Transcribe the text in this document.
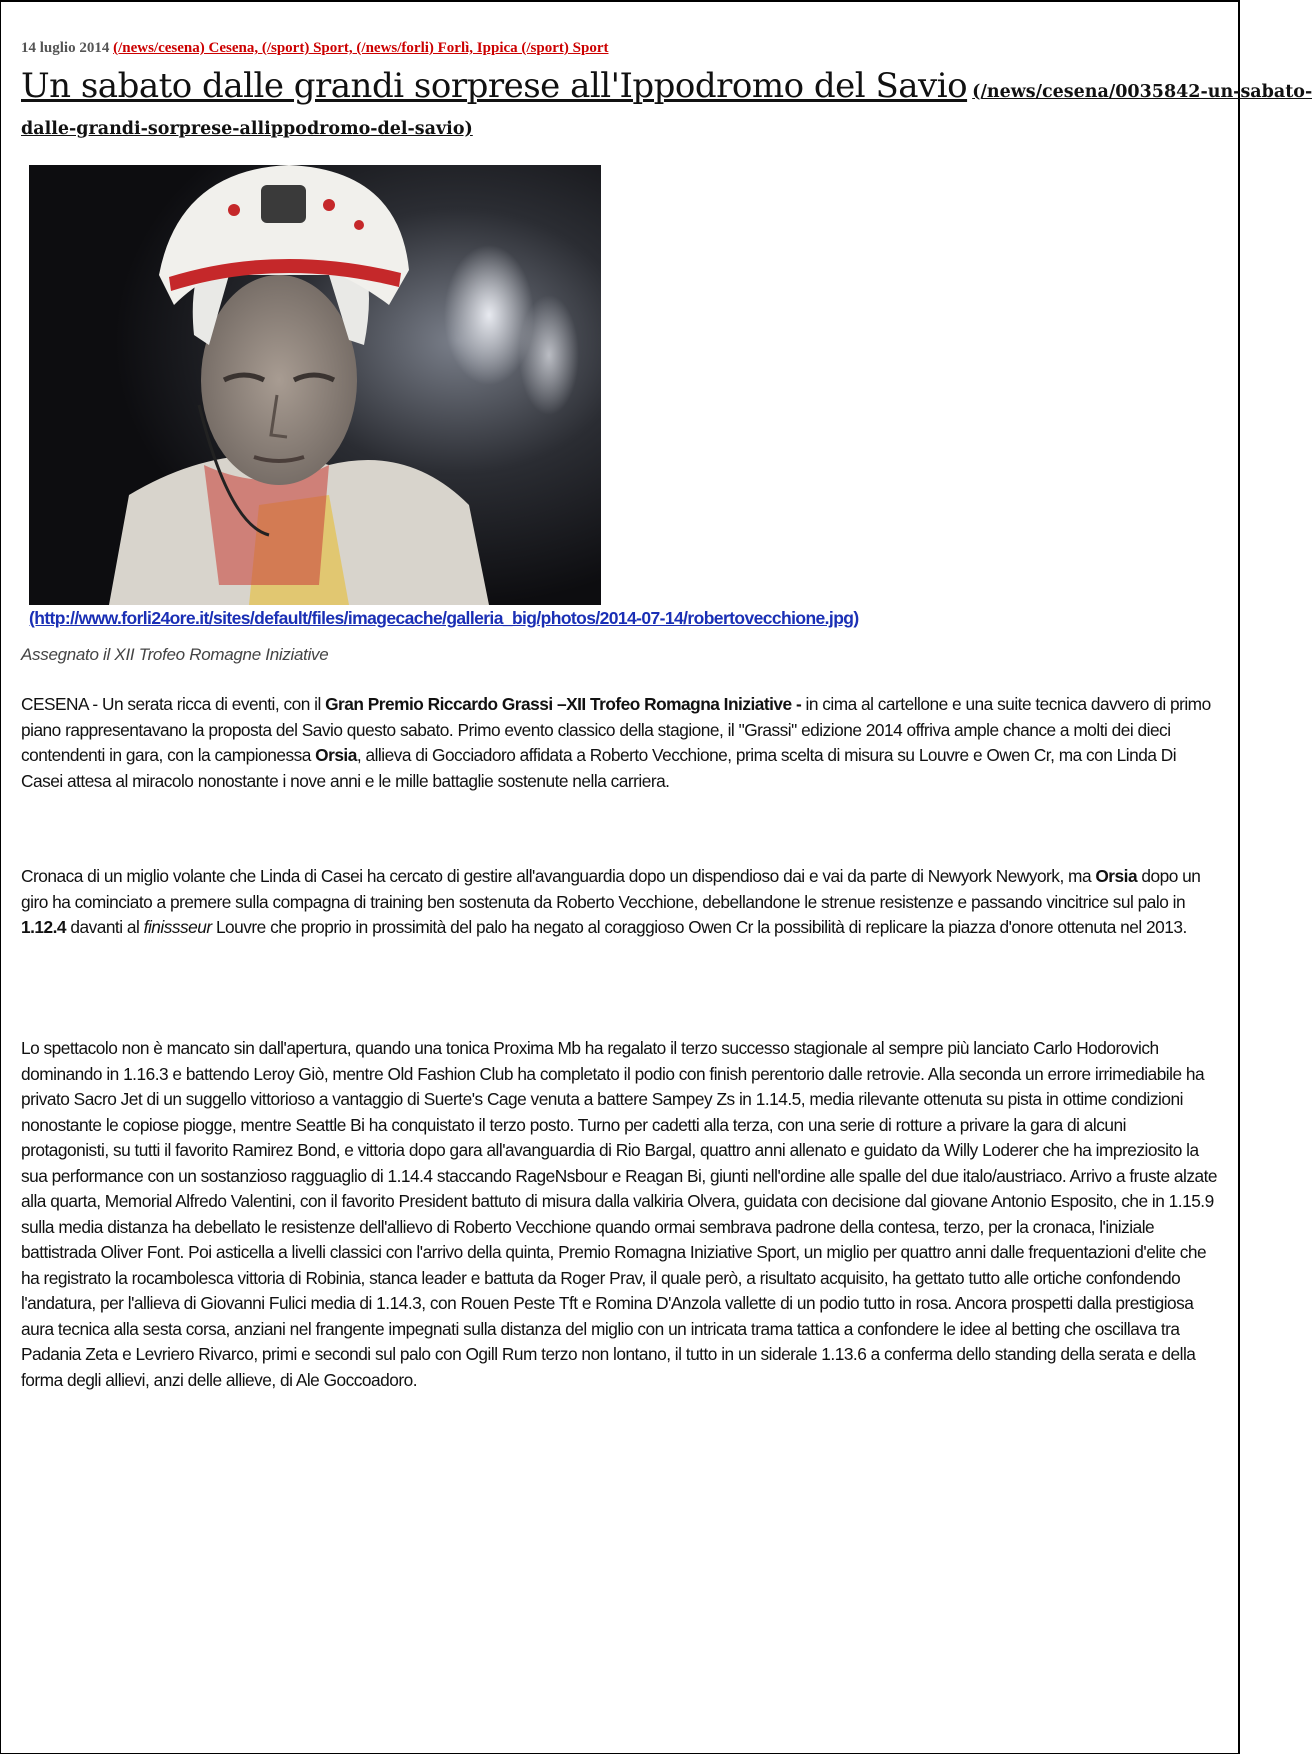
14 luglio 2014 (/news/cesena) Cesena, (/sport) Sport, (/news/forli) Forlì, Ippica (/sport) Sport
Un sabato dalle grandi sorprese all'Ippodromo del Savio (/news/cesena/0035842-un-sabato-
dalle-grandi-sorprese-allippodromo-del-savio)
(http://www.forli24ore.it/sites/default/files/imagecache/galleria_big/photos/2014-07-14/robertovecchione.jpg)
Assegnato il XII Trofeo Romagne Iniziative
CESENA - Un serata ricca di eventi, con il Gran Premio Riccardo Grassi –XII Trofeo Romagna Iniziative - in cima al cartellone e una suite tecnica davvero di primo piano rappresentavano la proposta del Savio questo sabato. Primo evento classico della stagione, il "Grassi" edizione 2014 offriva ample chance a molti dei dieci contendenti in gara, con la campionessa Orsia, allieva di Gocciadoro affidata a Roberto Vecchione, prima scelta di misura su Louvre e Owen Cr, ma con Linda Di Casei attesa al miracolo nonostante i nove anni e le mille battaglie sostenute nella carriera.
Cronaca di un miglio volante che Linda di Casei ha cercato di gestire all'avanguardia dopo un dispendioso dai e vai da parte di Newyork Newyork, ma Orsia dopo un giro ha cominciato a premere sulla compagna di training ben sostenuta da Roberto Vecchione, debellandone le strenue resistenze e passando vincitrice sul palo in 1.12.4 davanti al finissseur Louvre che proprio in prossimità del palo ha negato al coraggioso Owen Cr la possibilità di replicare la piazza d'onore ottenuta nel 2013.
Lo spettacolo non è mancato sin dall'apertura, quando una tonica Proxima Mb ha regalato il terzo successo stagionale al sempre più lanciato Carlo Hodorovich dominando in 1.16.3 e battendo Leroy Giò, mentre Old Fashion Club ha completato il podio con finish perentorio dalle retrovie. Alla seconda un errore irrimediabile ha privato Sacro Jet di un suggello vittorioso a vantaggio di Suerte's Cage venuta a battere Sampey Zs in 1.14.5, media rilevante ottenuta su pista in ottime condizioni nonostante le copiose piogge, mentre Seattle Bi ha conquistato il terzo posto. Turno per cadetti alla terza, con una serie di rotture a privare la gara di alcuni protagonisti, su tutti il favorito Ramirez Bond, e vittoria dopo gara all'avanguardia di Rio Bargal, quattro anni allenato e guidato da Willy Loderer che ha impreziosito la sua performance con un sostanzioso ragguaglio di 1.14.4 staccando RageNsbour e Reagan Bi, giunti nell'ordine alle spalle del due italo/austriaco. Arrivo a fruste alzate alla quarta, Memorial Alfredo Valentini, con il favorito President battuto di misura dalla valkiria Olvera, guidata con decisione dal giovane Antonio Esposito, che in 1.15.9 sulla media distanza ha debellato le resistenze dell'allievo di Roberto Vecchione quando ormai sembrava padrone della contesa, terzo, per la cronaca, l'iniziale battistrada Oliver Font. Poi asticella a livelli classici con l'arrivo della quinta, Premio Romagna Iniziative Sport, un miglio per quattro anni dalle frequentazioni d'elite che ha registrato la rocambolesca vittoria di Robinia, stanca leader e battuta da Roger Prav, il quale però, a risultato acquisito, ha gettato tutto alle ortiche confondendo l'andatura, per l'allieva di Giovanni Fulici media di 1.14.3, con Rouen Peste Tft e Romina D'Anzola vallette di un podio tutto in rosa. Ancora prospetti dalla prestigiosa aura tecnica alla sesta corsa, anziani nel frangente impegnati sulla distanza del miglio con un intricata trama tattica a confondere le idee al betting che oscillava tra Padania Zeta e Levriero Rivarco, primi e secondi sul palo con Ogill Rum terzo non lontano, il tutto in un siderale 1.13.6 a conferma dello standing della serata e della forma degli allievi, anzi delle allieve, di Ale Goccoadoro.
